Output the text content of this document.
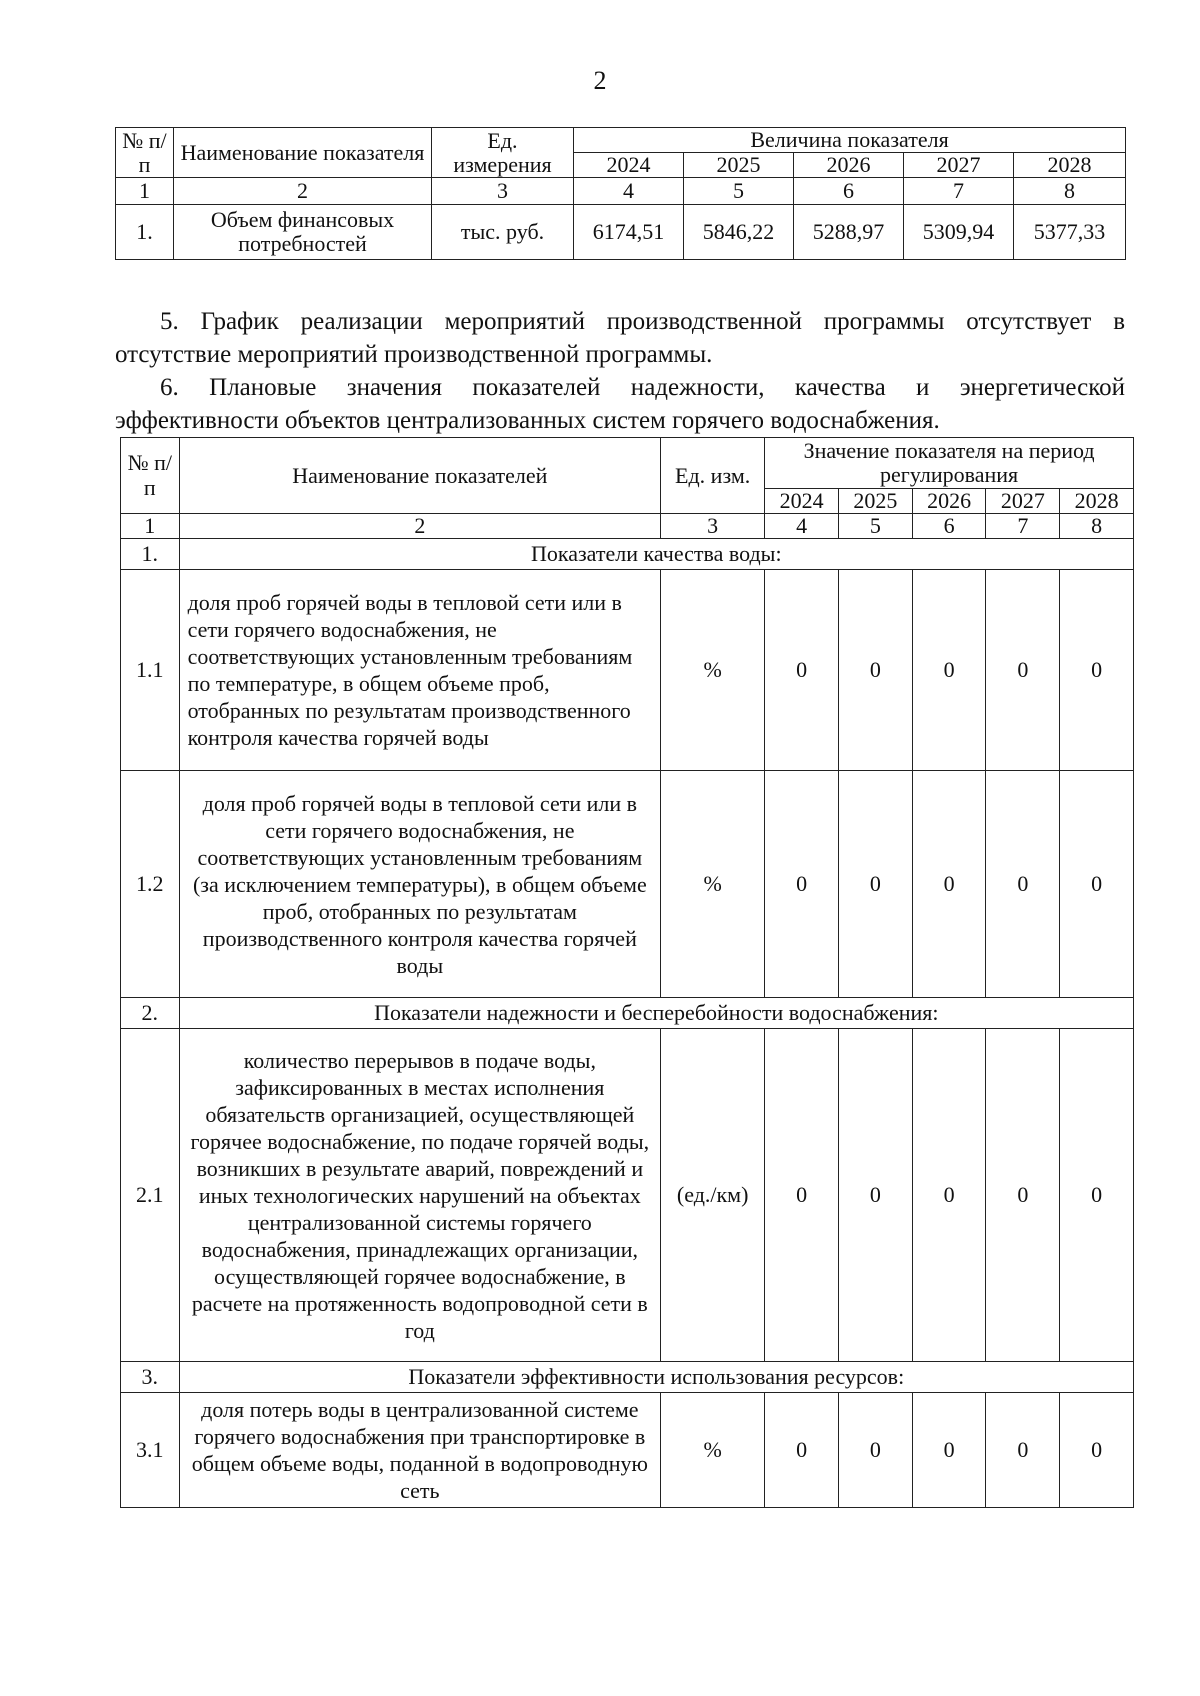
2
№ п/п	Наименование показателя	Ед. измерения	Величина показателя				
			2024	2025	2026	2027	2028
1	2	3	4	5	6	7	8
1.	Объем финансовых потребностей	тыс. руб.	6174,51	5846,22	5288,97	5309,94	5377,33

5. График реализации мероприятий производственной программы отсутствует в отсутствие мероприятий производственной программы.

6. Плановые значения показателей надежности, качества и энергетической эффективности объектов централизованных систем горячего водоснабжения.

№ п/п	Наименование показателей	Ед. изм.	Значение показателя на период регулирования				
			2024	2025	2026	2027	2028
1	2	3	4	5	6	7	8
1.	Показатели качества воды:						
1.1	доля проб горячей воды в тепловой сети или в сети горячего водоснабжения, не соответствующих установленным требованиям по температуре, в общем объеме проб, отобранных по результатам производственного контроля качества горячей воды	%	0	0	0	0	0
1.2	доля проб горячей воды в тепловой сети или в сети горячего водоснабжения, не соответствующих установленным требованиям (за исключением температуры), в общем объеме проб, отобранных по результатам производственного контроля качества горячей воды	%	0	0	0	0	0
2.	Показатели надежности и бесперебойности водоснабжения:						
2.1	количество перерывов в подаче воды, зафиксированных в местах исполнения обязательств организацией, осуществляющей горячее водоснабжение, по подаче горячей воды, возникших в результате аварий, повреждений и иных технологических нарушений на объектах централизованной системы горячего водоснабжения, принадлежащих организации, осуществляющей горячее водоснабжение, в расчете на протяженность водопроводной сети в год	(ед./км)	0	0	0	0	0
3.	Показатели эффективности использования ресурсов:						
3.1	доля потерь воды в централизованной системе горячего водоснабжения при транспортировке в общем объеме воды, поданной в водопроводную сеть	%	0	0	0	0	0
